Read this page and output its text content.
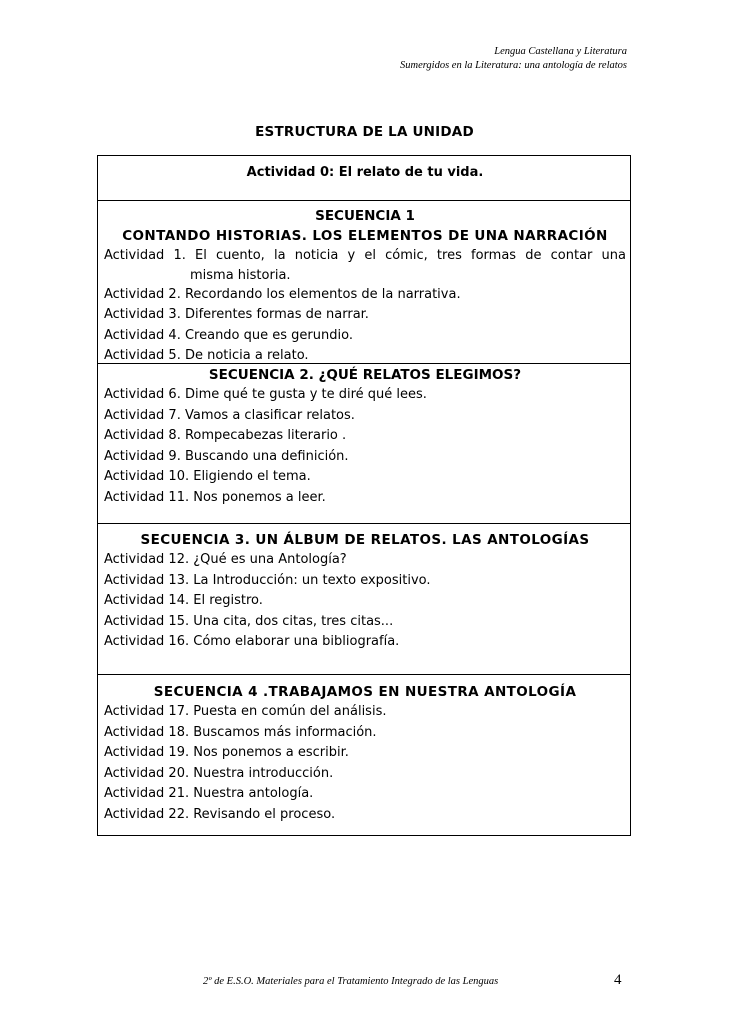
Lengua Castellana y Literatura
Sumergidos en la Literatura: una antología de relatos
ESTRUCTURA DE LA UNIDAD
Actividad 0: El relato de tu vida.
SECUENCIA 1
CONTANDO HISTORIAS. LOS ELEMENTOS DE UNA NARRACIÓN
Actividad 1. El cuento, la noticia y el cómic, tres formas de contar una
misma historia.
Actividad 2. Recordando los elementos de la narrativa.
Actividad 3. Diferentes formas de narrar.
Actividad 4. Creando que es gerundio.
Actividad 5. De noticia a relato.
SECUENCIA 2. ¿QUÉ RELATOS ELEGIMOS?
Actividad 6. Dime qué te gusta y te diré qué lees.
Actividad 7. Vamos a clasificar relatos.
Actividad 8. Rompecabezas literario .
Actividad 9. Buscando una definición.
Actividad 10. Eligiendo el tema.
Actividad 11. Nos ponemos a leer.
SECUENCIA 3. UN ÁLBUM DE RELATOS. LAS ANTOLOGÍAS
Actividad 12. ¿Qué es una Antología?
Actividad 13. La Introducción: un texto expositivo.
Actividad 14. El registro.
Actividad 15. Una cita, dos citas, tres citas...
Actividad 16. Cómo elaborar una bibliografía.
SECUENCIA 4 .TRABAJAMOS EN NUESTRA ANTOLOGÍA
Actividad 17. Puesta en común del análisis.
Actividad 18. Buscamos más información.
Actividad 19. Nos ponemos a escribir.
Actividad 20. Nuestra introducción.
Actividad 21. Nuestra antología.
Actividad 22. Revisando el proceso.
2º de E.S.O. Materiales para el Tratamiento Integrado de las Lenguas	4
